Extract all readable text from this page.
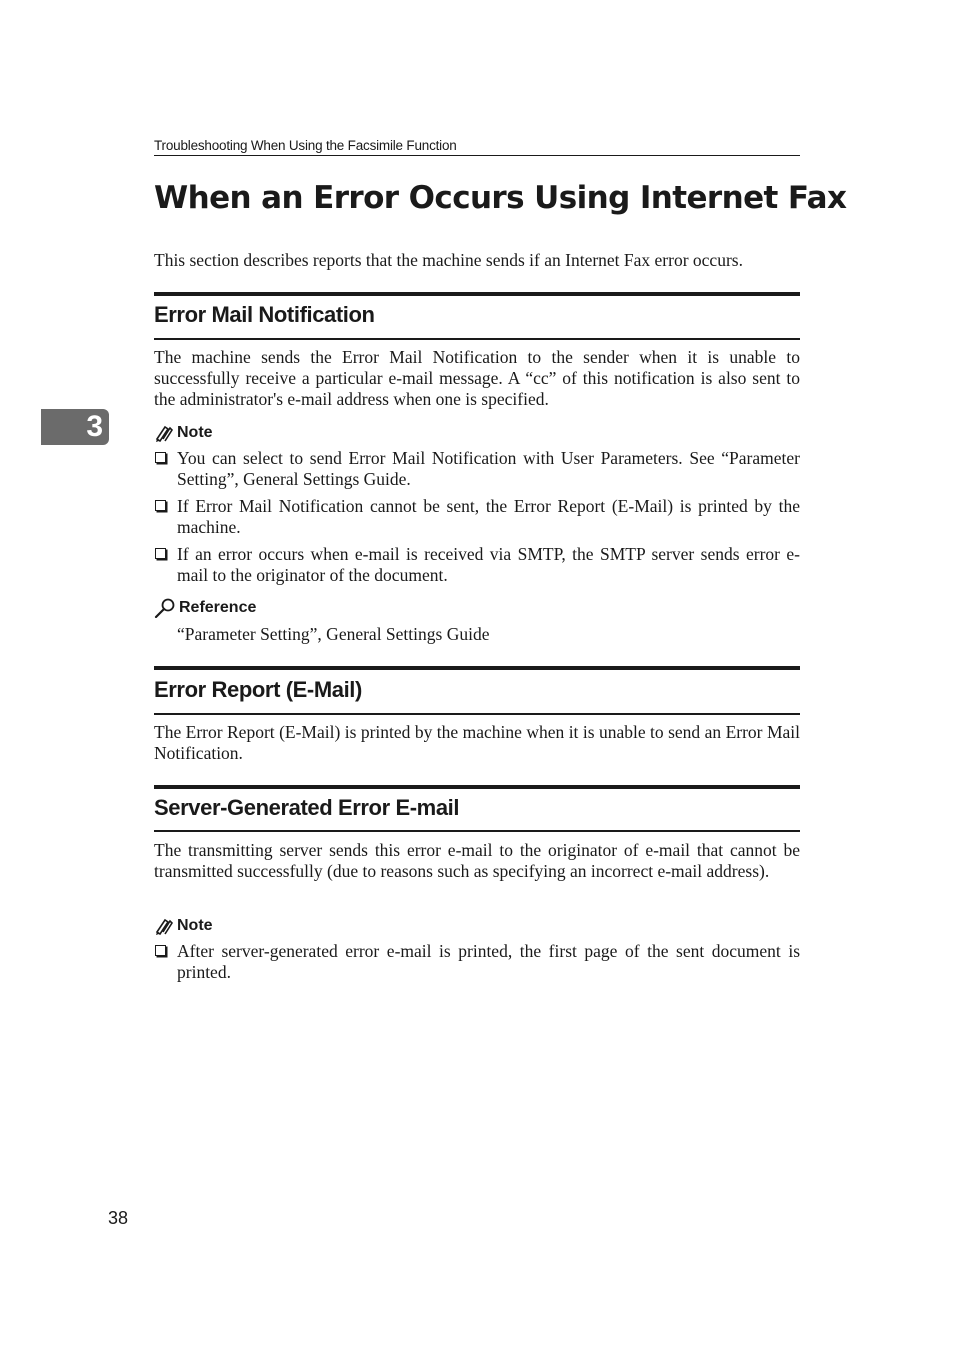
Troubleshooting When Using the Facsimile Function
When an Error Occurs Using Internet Fax

This section describes reports that the machine sends if an Internet Fax error occurs.

Error Mail Notification

The machine sends the Error Mail Notification to the sender when it is unable to successfully receive a particular e-mail message. A “cc” of this notification is also sent to the administrator's e-mail address when one is specified.

Note
You can select to send Error Mail Notification with User Parameters. See “Parameter Setting”, General Settings Guide.
If Error Mail Notification cannot be sent, the Error Report (E-Mail) is printed by the machine.
If an error occurs when e-mail is received via SMTP, the SMTP server sends error e-mail to the originator of the document.
Reference

“Parameter Setting”, General Settings Guide

Error Report (E-Mail)

The Error Report (E-Mail) is printed by the machine when it is unable to send an Error Mail Notification.

Server-Generated Error E-mail

The transmitting server sends this error e-mail to the originator of e-mail that cannot be transmitted successfully (due to reasons such as specifying an incorrect e-mail address).

Note
After server-generated error e-mail is printed, the first page of the sent document is printed.
3
38
